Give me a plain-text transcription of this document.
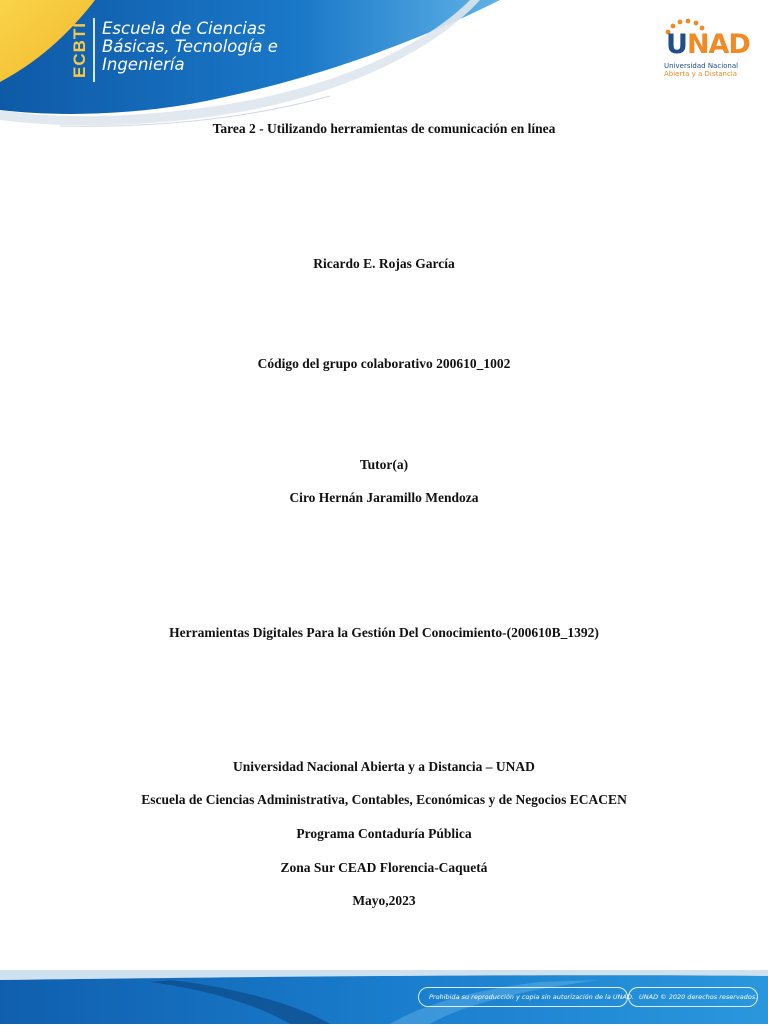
ECBTI Escuela de Ciencias
Básicas, Tecnología e
Ingeniería
UNAD
Universidad Nacional
Abierta y a Distancia
Tarea 2 - Utilizando herramientas de comunicación en línea
Ricardo E. Rojas García
Código del grupo colaborativo 200610_1002
Tutor(a)
Ciro Hernán Jaramillo Mendoza
Herramientas Digitales Para la Gestión Del Conocimiento-(200610B_1392)
Universidad Nacional Abierta y a Distancia – UNAD
Escuela de Ciencias Administrativa, Contables, Económicas y de Negocios ECACEN
Programa Contaduría Pública
Zona Sur CEAD Florencia-Caquetá
Mayo,2023
Prohibida su reproducción y copia sin autorización de la UNAD. UNAD © 2020 derechos reservados.
